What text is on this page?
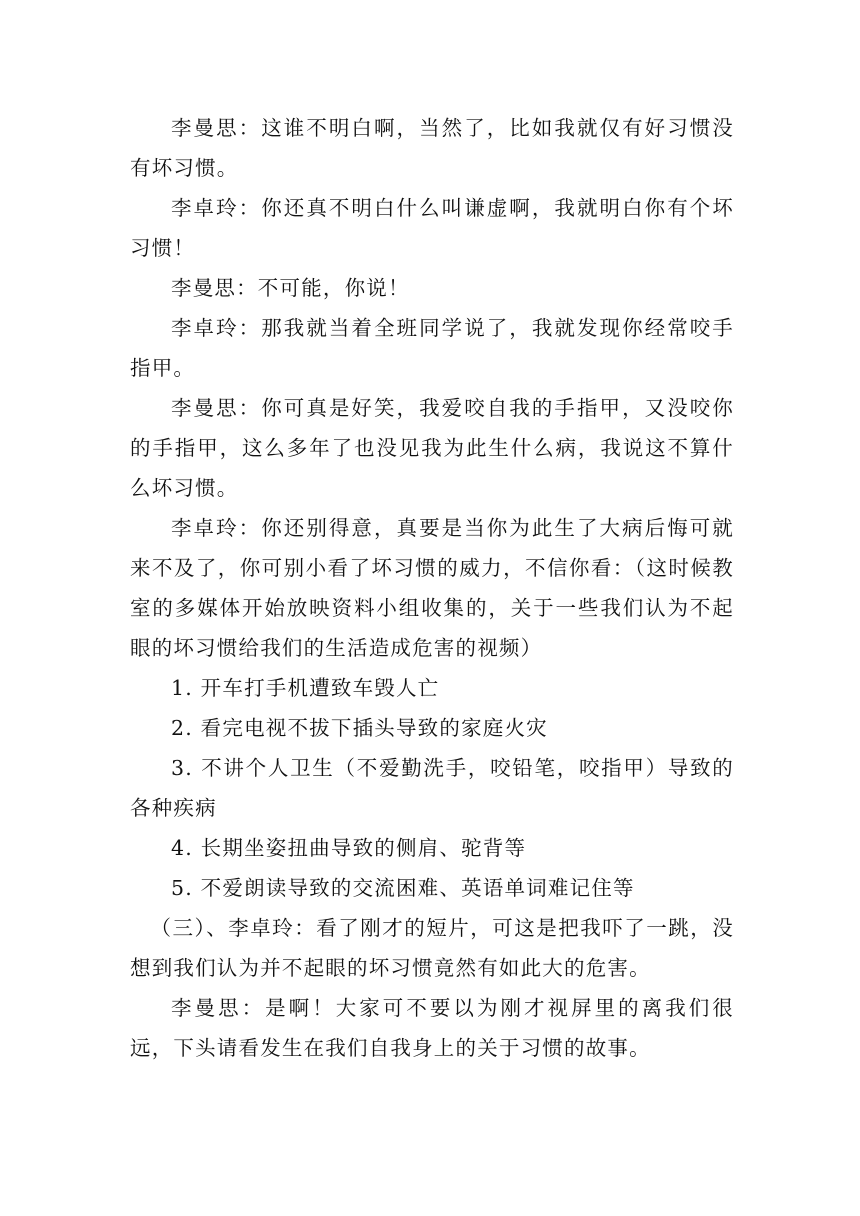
李曼思：这谁不明白啊，当然了，比如我就仅有好习惯没有坏习惯。

李卓玲：你还真不明白什么叫谦虚啊，我就明白你有个坏习惯！

李曼思：不可能，你说！

李卓玲：那我就当着全班同学说了，我就发现你经常咬手指甲。

李曼思：你可真是好笑，我爱咬自我的手指甲，又没咬你的手指甲，这么多年了也没见我为此生什么病，我说这不算什么坏习惯。

李卓玲：你还别得意，真要是当你为此生了大病后悔可就来不及了，你可别小看了坏习惯的威力，不信你看：（这时候教室的多媒体开始放映资料小组收集的，关于一些我们认为不起眼的坏习惯给我们的生活造成危害的视频）

1. 开车打手机遭致车毁人亡

2. 看完电视不拔下插头导致的家庭火灾

3. 不讲个人卫生（不爱勤洗手，咬铅笔，咬指甲）导致的各种疾病

4. 长期坐姿扭曲导致的侧肩、驼背等

5. 不爱朗读导致的交流困难、英语单词难记住等

（三）、李卓玲：看了刚才的短片，可这是把我吓了一跳，没想到我们认为并不起眼的坏习惯竟然有如此大的危害。

李曼思：是啊！大家可不要以为刚才视屏里的离我们很远，下头请看发生在我们自我身上的关于习惯的故事。
